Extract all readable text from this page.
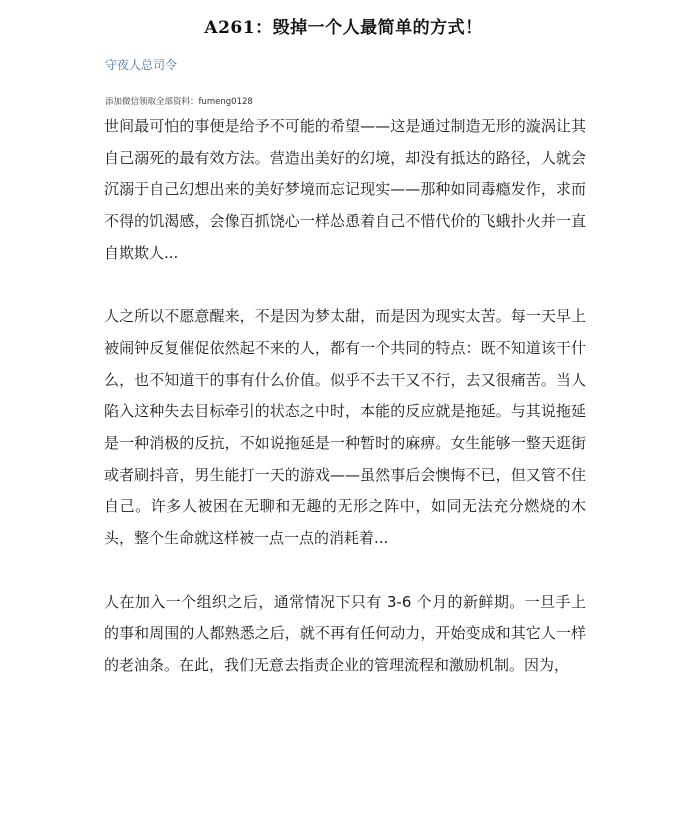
A261：毁掉一个人最简单的方式！
守夜人总司令
添加微信领取全部资料：fumeng0128

世间最可怕的事便是给予不可能的希望——这是通过制造无形的漩涡让其自己溺死的最有效方法。营造出美好的幻境，却没有抵达的路径，人就会沉溺于自己幻想出来的美好梦境而忘记现实——那种如同毒瘾发作，求而不得的饥渴感，会像百抓饶心一样怂恿着自己不惜代价的飞蛾扑火并一直自欺欺人...

人之所以不愿意醒来，不是因为梦太甜，而是因为现实太苦。每一天早上被闹钟反复催促依然起不来的人，都有一个共同的特点：既不知道该干什么，也不知道干的事有什么价值。似乎不去干又不行，去又很痛苦。当人陷入这种失去目标牵引的状态之中时，本能的反应就是拖延。与其说拖延是一种消极的反抗，不如说拖延是一种暂时的麻痹。女生能够一整天逛街或者刷抖音，男生能打一天的游戏——虽然事后会懊悔不已，但又管不住自己。许多人被困在无聊和无趣的无形之阵中，如同无法充分燃烧的木头，整个生命就这样被一点一点的消耗着...

人在加入一个组织之后，通常情况下只有 3-6 个月的新鲜期。一旦手上的事和周围的人都熟悉之后，就不再有任何动力，开始变成和其它人一样的老油条。在此，我们无意去指责企业的管理流程和激励机制。因为，
